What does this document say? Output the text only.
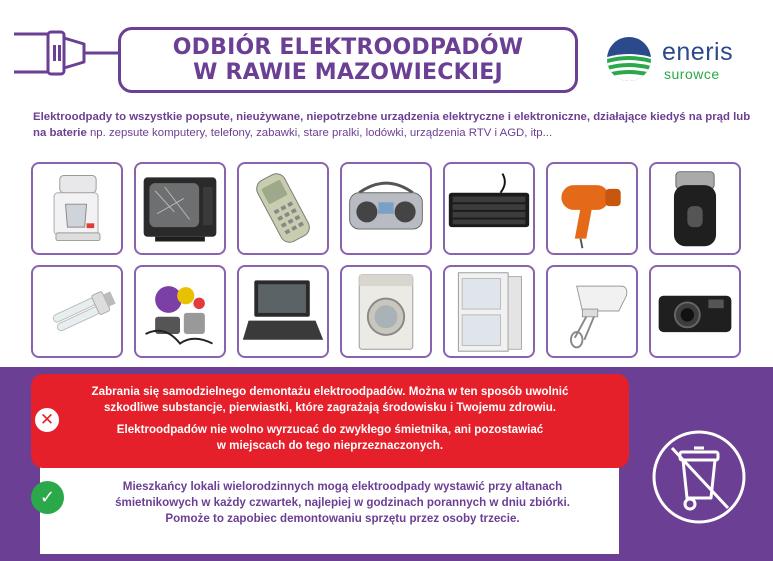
ODBIÓR ELEKTROODPADÓW
W RAWIE MAZOWIECKIEJ
eneris
surowce
Elektroodpady to wszystkie popsute, nieużywane, niepotrzebne urządzenia elektryczne i elektroniczne, działające kiedyś na prąd lub na baterie np. zepsute komputery, telefony, zabawki, stare pralki, lodówki, urządzenia RTV i AGD, itp...

Zabrania się samodzielnego demontażu elektroodpadów. Można w ten sposób uwolnić

szkodliwe substancje, pierwiastki, które zagrażają środowisku i Twojemu zdrowiu.

Elektroodpadów nie wolno wyrzucać do zwykłego śmietnika, ani pozostawiać

w miejscach do tego nieprzeznaczonych.

✕
✓
Mieszkańcy lokali wielorodzinnych mogą elektroodpady wystawić przy altanach
śmietnikowych w każdy czwartek, najlepiej w godzinach porannych w dniu zbiórki.
Pomoże to zapobiec demontowaniu sprzętu przez osoby trzecie.
